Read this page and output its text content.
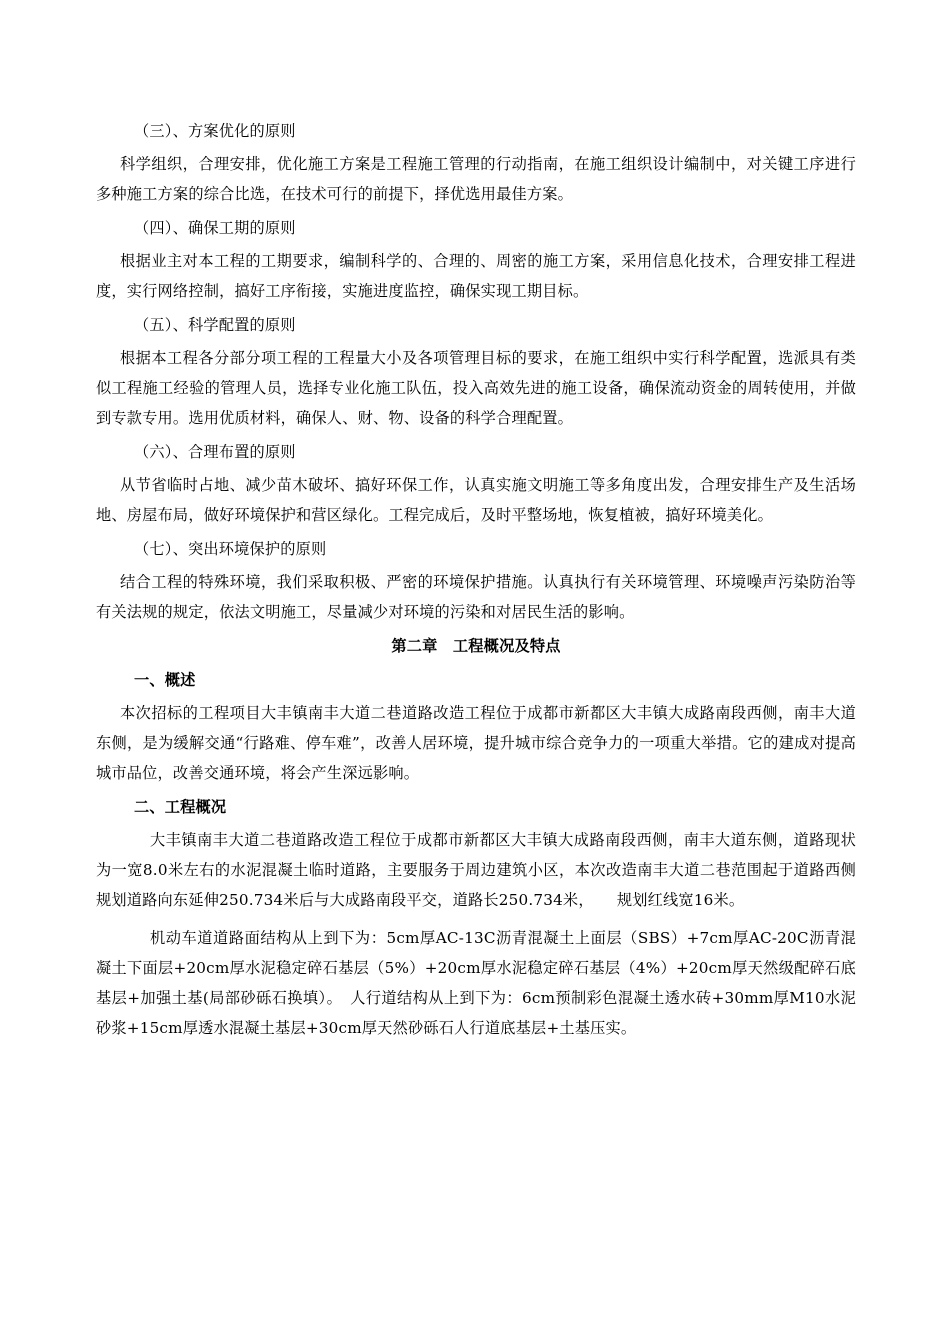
（三）、方案优化的原则

科学组织，合理安排，优化施工方案是工程施工管理的行动指南，在施工组织设计编制中，对关键工序进行多种施工方案的综合比选，在技术可行的前提下，择优选用最佳方案。

（四）、确保工期的原则

根据业主对本工程的工期要求，编制科学的、合理的、周密的施工方案，采用信息化技术，合理安排工程进度，实行网络控制，搞好工序衔接，实施进度监控，确保实现工期目标。

（五）、科学配置的原则

根据本工程各分部分项工程的工程量大小及各项管理目标的要求，在施工组织中实行科学配置，选派具有类似工程施工经验的管理人员，选择专业化施工队伍，投入高效先进的施工设备，确保流动资金的周转使用，并做到专款专用。选用优质材料，确保人、财、物、设备的科学合理配置。

（六）、合理布置的原则

从节省临时占地、减少苗木破坏、搞好环保工作，认真实施文明施工等多角度出发，合理安排生产及生活场地、房屋布局，做好环境保护和营区绿化。工程完成后，及时平整场地，恢复植被，搞好环境美化。

（七）、突出环境保护的原则

结合工程的特殊环境，我们采取积极、严密的环境保护措施。认真执行有关环境管理、环境噪声污染防治等有关法规的规定，依法文明施工，尽量减少对环境的污染和对居民生活的影响。

第二章　工程概况及特点

一、概述

本次招标的工程项目大丰镇南丰大道二巷道路改造工程位于成都市新都区大丰镇大成路南段西侧，南丰大道东侧，是为缓解交通“行路难、停车难”，改善人居环境，提升城市综合竞争力的一项重大举措。它的建成对提高城市品位，改善交通环境，将会产生深远影响。

二、工程概况

大丰镇南丰大道二巷道路改造工程位于成都市新都区大丰镇大成路南段西侧，南丰大道东侧，道路现状为一宽8.0米左右的水泥混凝土临时道路，主要服务于周边建筑小区，本次改造南丰大道二巷范围起于道路西侧规划道路向东延伸250.734米后与大成路南段平交，道路长250.734米，　　规划红线宽16米。

机动车道道路面结构从上到下为：5cm厚AC-13C沥青混凝土上面层（SBS）+7cm厚AC-20C沥青混凝土下面层+20cm厚水泥稳定碎石基层（5%）+20cm厚水泥稳定碎石基层（4%）+20cm厚天然级配碎石底基层+加强土基(局部砂砾石换填）。　人行道结构从上到下为：6cm预制彩色混凝土透水砖+30mm厚M10水泥砂浆+15cm厚透水混凝土基层+30cm厚天然砂砾石人行道底基层+土基压实。
